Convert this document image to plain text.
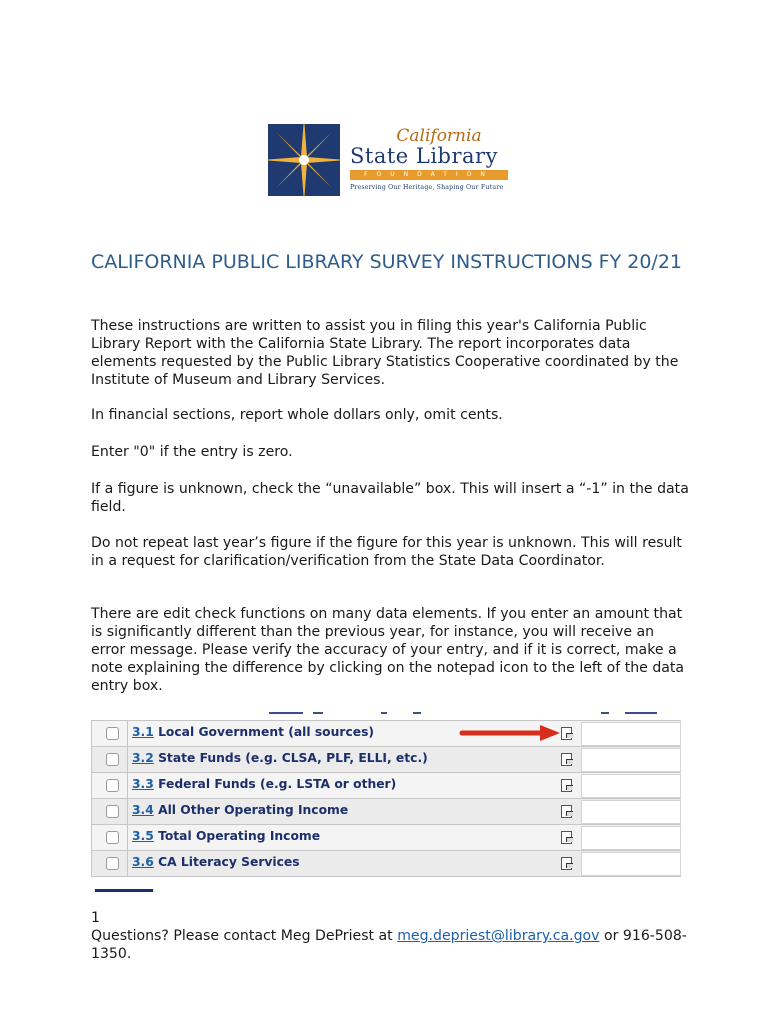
California
State Library
FOUNDATION
Preserving Our Heritage, Shaping Our Future
CALIFORNIA PUBLIC LIBRARY SURVEY INSTRUCTIONS FY 20/21

These instructions are written to assist you in filing this year's California Public Library Report with the California State Library. The report incorporates data elements requested by the Public Library Statistics Cooperative coordinated by the Institute of Museum and Library Services.

In financial sections, report whole dollars only, omit cents.

Enter "0" if the entry is zero.

If a figure is unknown, check the “unavailable” box. This will insert a “-1” in the data field.

Do not repeat last year’s figure if the figure for this year is unknown. This will result in a request for clarification/verification from the State Data Coordinator.

There are edit check functions on many data elements. If you enter an amount that is significantly different than the previous year, for instance, you will receive an error message. Please verify the accuracy of your entry, and if it is correct, make a note explaining the difference by clicking on the notepad icon to the left of the data entry box.

3.1 Local Government (all sources)
3.2 State Funds (e.g. CLSA, PLF, ELLI, etc.)
3.3 Federal Funds (e.g. LSTA or other)
3.4 All Other Operating Income
3.5 Total Operating Income
3.6 CA Literacy Services

1

Questions? Please contact Meg DePriest at meg.depriest@library.ca.gov or 916-508-1350.
